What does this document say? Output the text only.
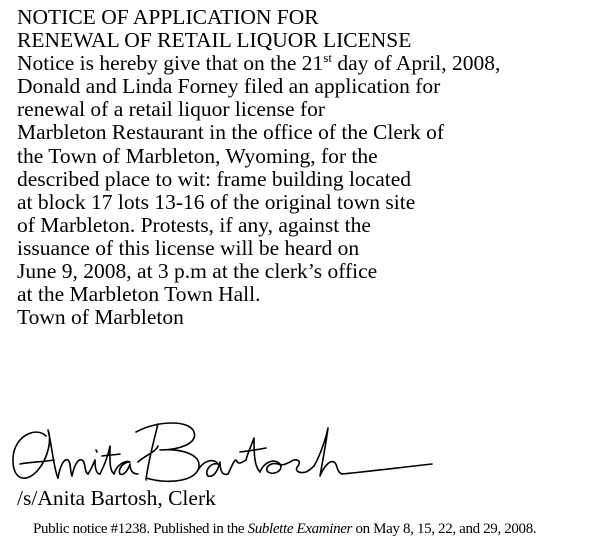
NOTICE OF APPLICATION FOR
RENEWAL OF RETAIL LIQUOR LICENSE
Notice is hereby give that on the 21st day of April, 2008,
Donald and Linda Forney filed an application for
renewal of a retail liquor license for
Marbleton Restaurant in the office of the Clerk of
the Town of Marbleton, Wyoming, for the
described place to wit: frame building located
at block 17 lots 13-16 of the original town site
of Marbleton. Protests, if any, against the
issuance of this license will be heard on
June 9, 2008, at 3 p.m at the clerk’s office
at the Marbleton Town Hall.
Town of Marbleton
/s/Anita Bartosh, Clerk
Public notice #1238. Published in the Sublette Examiner on May 8, 15, 22, and 29, 2008.
